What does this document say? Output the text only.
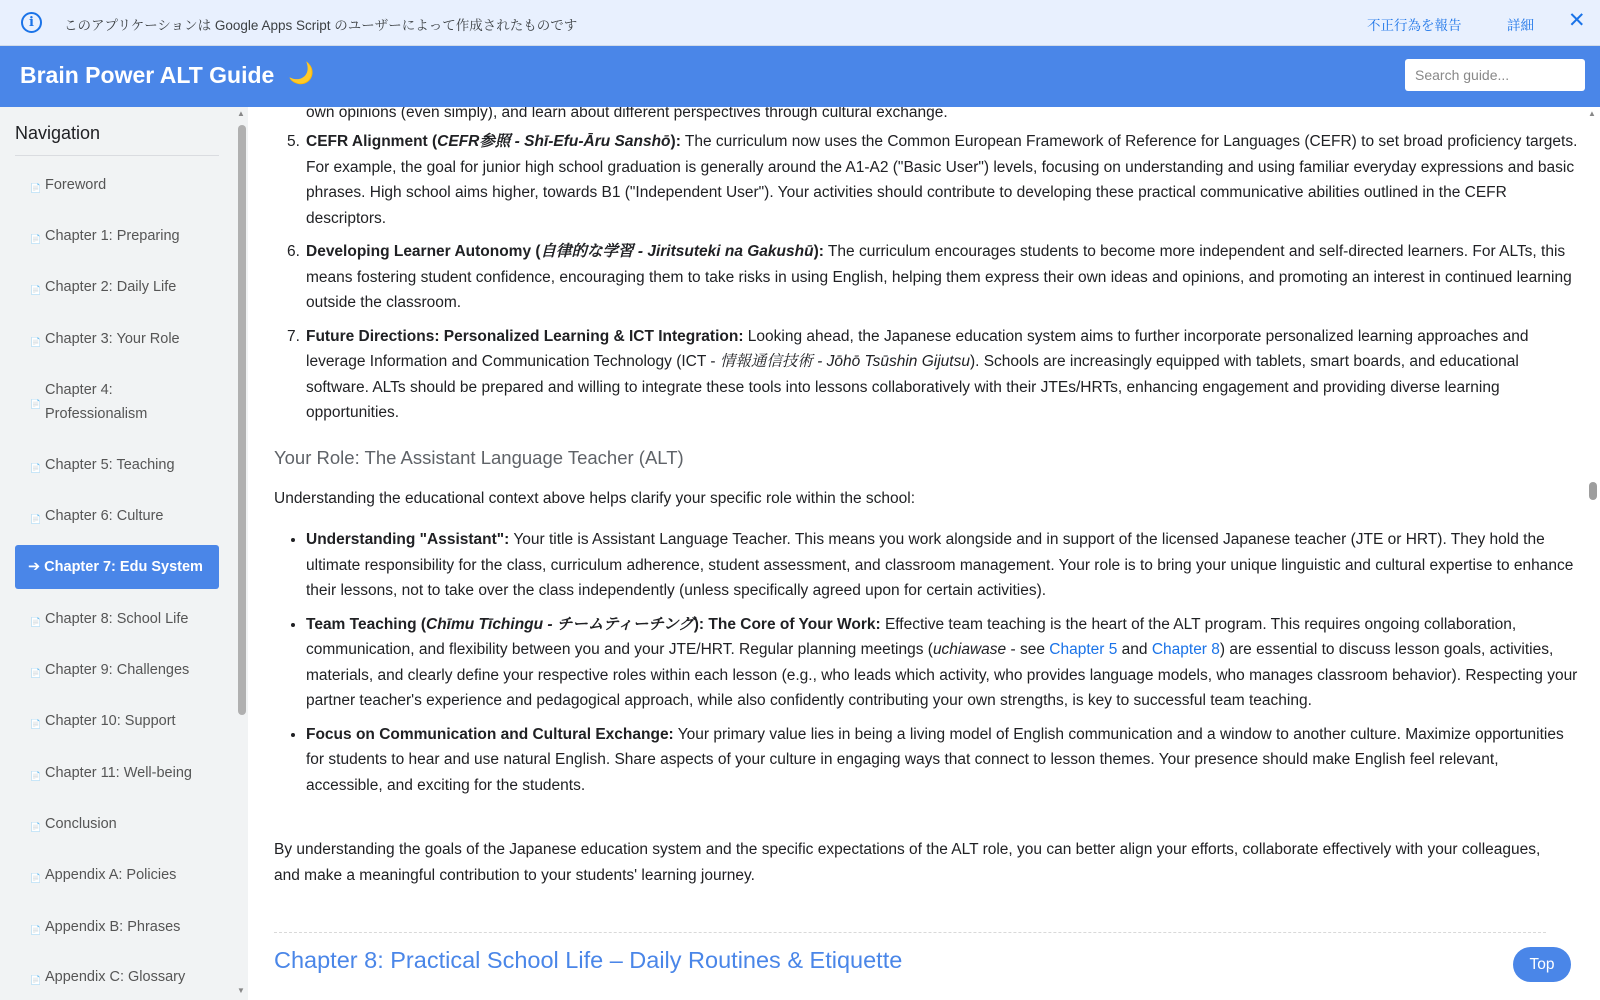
i	このアプリケーションは Google Apps Script のユーザーによって作成されたものです	不正行為を報告	詳細 ✕
Brain Power ALT Guide 🌙
Search guide...
Navigation
📄 Foreword
📄 Chapter 1: Preparing
📄 Chapter 2: Daily Life
📄 Chapter 3: Your Role
📄
Chapter 4: Professionalism
📄 Chapter 5: Teaching
📄 Chapter 6: Culture
➔ Chapter 7: Edu System
📄 Chapter 8: School Life
📄 Chapter 9: Challenges
📄 Chapter 10: Support
📄 Chapter 11: Well-being
📄 Conclusion
📄 Appendix A: Policies
📄 Appendix B: Phrases
📄 Appendix C: Glossary
▲
▼
own opinions (even simply), and learn about different perspectives through cultural exchange.
5. CEFR Alignment (CEFR参照 - Shī-Efu-Āru Sanshō): The curriculum now uses the Common European Framework of Reference for Languages (CEFR) to set broad proficiency targets. For example, the goal for junior high school graduation is generally around the A1-A2 ("Basic User") levels, focusing on understanding and using familiar everyday expressions and basic phrases. High school aims higher, towards B1 ("Independent User"). Your activities should contribute to developing these practical communicative abilities outlined in the CEFR descriptors.
6. Developing Learner Autonomy (自律的な学習 - Jiritsuteki na Gakushū): The curriculum encourages students to become more independent and self-directed learners. For ALTs, this means fostering student confidence, encouraging them to take risks in using English, helping them express their own ideas and opinions, and promoting an interest in continued learning outside the classroom.
7. Future Directions: Personalized Learning & ICT Integration: Looking ahead, the Japanese education system aims to further incorporate personalized learning approaches and leverage Information and Communication Technology (ICT - 情報通信技術 - Jōhō Tsūshin Gijutsu). Schools are increasingly equipped with tablets, smart boards, and educational software. ALTs should be prepared and willing to integrate these tools into lessons collaboratively with their JTEs/HRTs, enhancing engagement and providing diverse learning opportunities.
Your Role: The Assistant Language Teacher (ALT)
Understanding the educational context above helps clarify your specific role within the school:
• Understanding "Assistant": Your title is Assistant Language Teacher. This means you work alongside and in support of the licensed Japanese teacher (JTE or HRT). They hold the ultimate responsibility for the class, curriculum adherence, student assessment, and classroom management. Your role is to bring your unique linguistic and cultural expertise to enhance their lessons, not to take over the class independently (unless specifically agreed upon for certain activities).
• Team Teaching (Chīmu Tīchingu - チームティーチング): The Core of Your Work: Effective team teaching is the heart of the ALT program. This requires ongoing collaboration, communication, and flexibility between you and your JTE/HRT. Regular planning meetings (uchiawase - see Chapter 5 and Chapter 8) are essential to discuss lesson goals, activities, materials, and clearly define your respective roles within each lesson (e.g., who leads which activity, who provides language models, who manages classroom behavior). Respecting your partner teacher's experience and pedagogical approach, while also confidently contributing your own strengths, is key to successful team teaching.
• Focus on Communication and Cultural Exchange: Your primary value lies in being a living model of English communication and a window to another culture. Maximize opportunities for students to hear and use natural English. Share aspects of your culture in engaging ways that connect to lesson themes. Your presence should make English feel relevant, accessible, and exciting for the students.
By understanding the goals of the Japanese education system and the specific expectations of the ALT role, you can better align your efforts, collaborate effectively with your colleagues, and make a meaningful contribution to your students' learning journey.
Chapter 8: Practical School Life – Daily Routines & Etiquette
▲
Top
